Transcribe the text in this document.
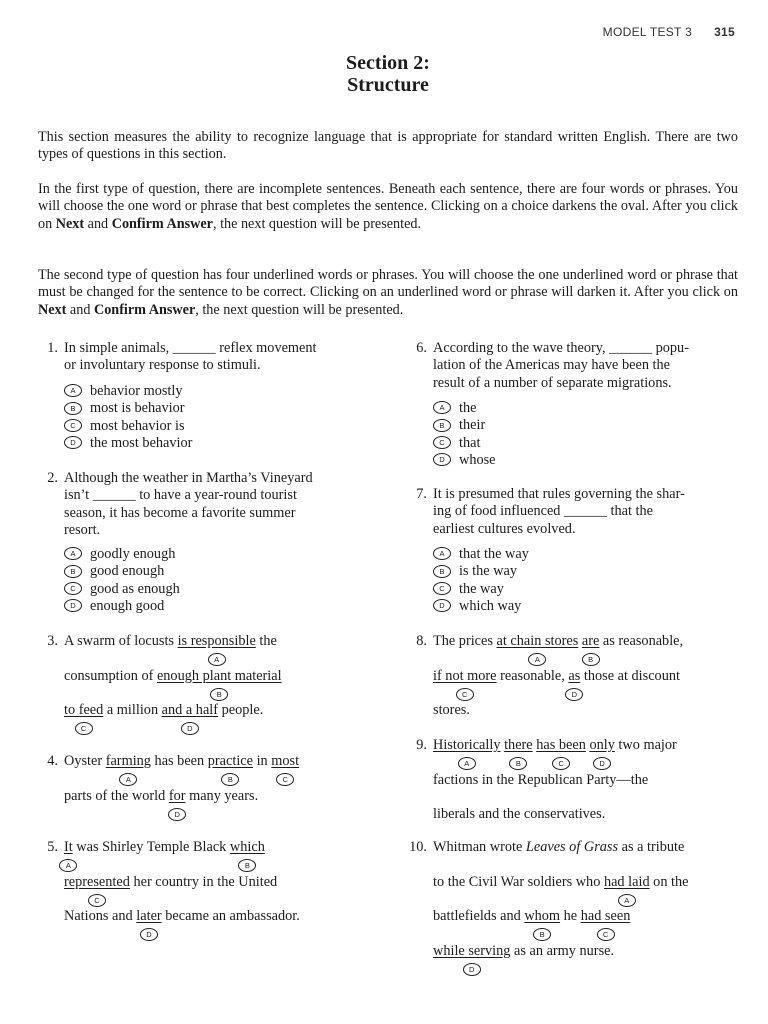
MODEL TEST 3 315
Section 2:
Structure
This section measures the ability to recognize language that is appropriate for standard written English. There are two types of questions in this section.
In the first type of question, there are incomplete sentences. Beneath each sentence, there are four words or phrases. You will choose the one word or phrase that best completes the sentence. Clicking on a choice darkens the oval. After you click on Next and Confirm Answer, the next question will be presented.
The second type of question has four underlined words or phrases. You will choose the one underlined word or phrase that must be changed for the sentence to be correct. Clicking on an underlined word or phrase will darken it. After you click on Next and Confirm Answer, the next question will be presented.
1. In simple animals, ______ reflex movement
or involuntary response to stimuli.
A behavior mostly
B most is behavior
C most behavior is
D the most behavior
2. Although the weather in Martha’s Vineyard
isn’t ______ to have a year-round tourist
season, it has become a favorite summer
resort.
A goodly enough
B good enough
C good as enough
D enough good
3. A swarm of locusts is responsible
A
the
consumption of enough plant material
B
to feed
C
a million and a half
D
people.
4. Oyster farming
A
has been practice
B
in most
C
parts of the world for
D
many years.
5. It
A
was Shirley Temple Black which
B
represented
C
her country in the United
Nations and later
D
became an ambassador.
6. According to the wave theory, ______ popu-
lation of the Americas may have been the
result of a number of separate migrations.
A the
B their
C that
D whose
7. It is presumed that rules governing the shar-
ing of food influenced ______ that the
earliest cultures evolved.
A that the way
B is the way
C the way
D which way
8. The prices at chain stores
A
are
B
as reasonable,
if not more
C
reasonable, as
D
those at discount
stores.
9. Historically
A
there
B
has been
C
only
D
two major
factions in the Republican Party—the
liberals and the conservatives.
10. Whitman wrote Leaves of Grass as a tribute
to the Civil War soldiers who had laid
A
on the
battlefields and whom
B
he had seen
C
while serving
D
as an army nurse.
